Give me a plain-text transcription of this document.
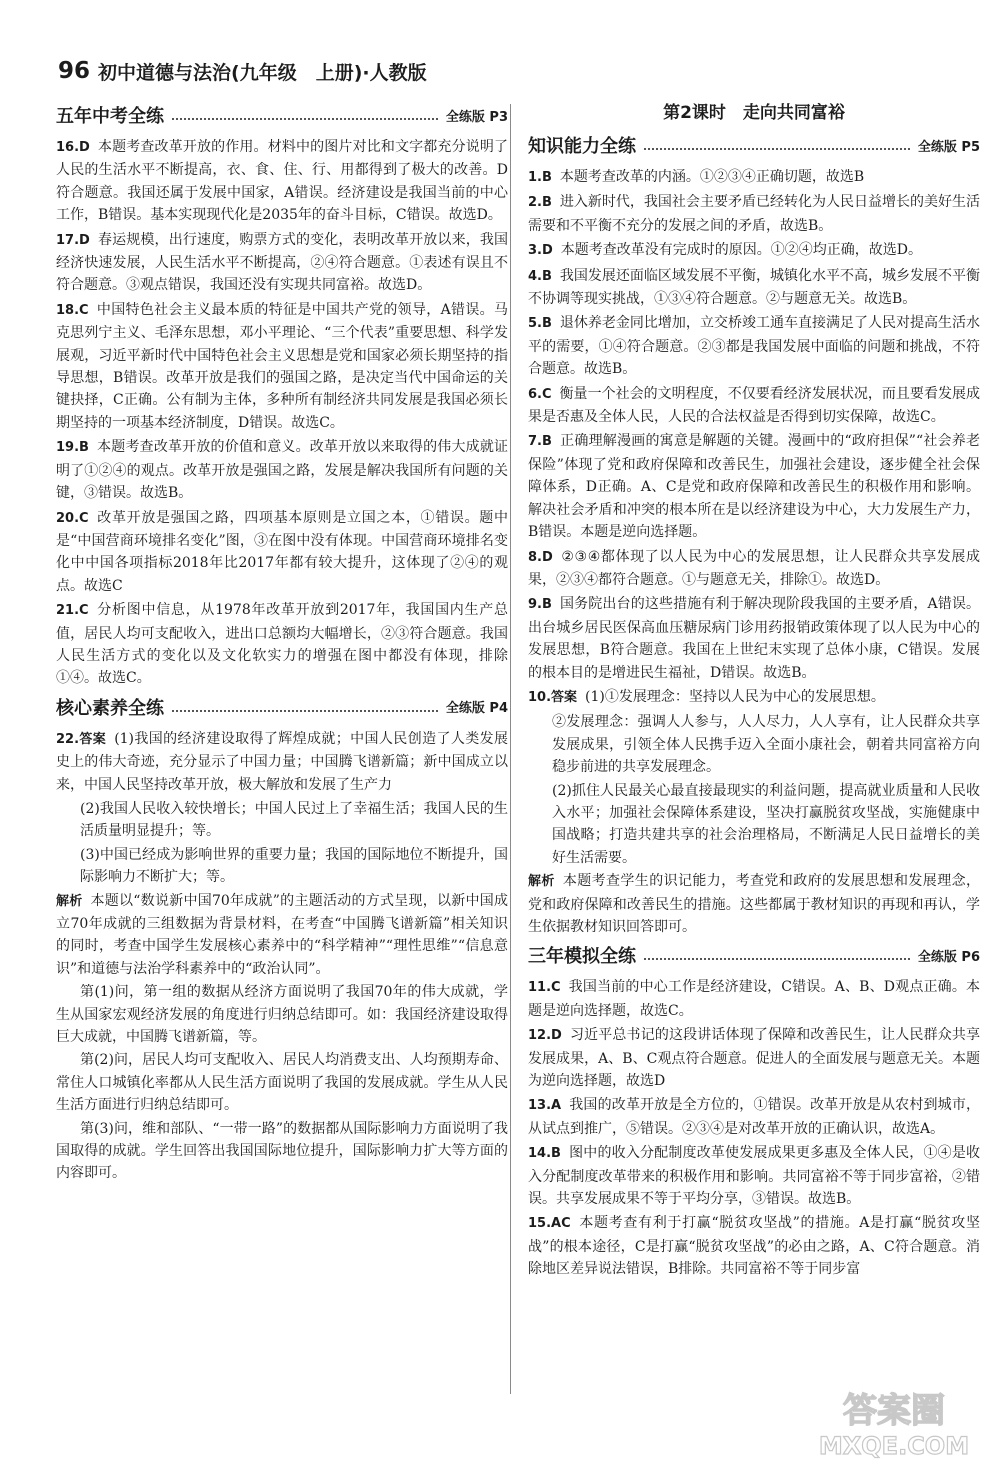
96 初中道德与法治(九年级　上册)·人教版
五年中考全练	全练版 P3
16.D 本题考查改革开放的作用。材料中的图片对比和文字都充分说明了人民的生活水平不断提高，衣、食、住、行、用都得到了极大的改善。D符合题意。我国还属于发展中国家，A错误。经济建设是我国当前的中心工作，B错误。基本实现现代化是2035年的奋斗目标，C错误。故选D。
17.D 春运规模，出行速度，购票方式的变化，表明改革开放以来，我国经济快速发展，人民生活水平不断提高，②④符合题意。①表述有误且不符合题意。③观点错误，我国还没有实现共同富裕。故选D。
18.C 中国特色社会主义最本质的特征是中国共产党的领导，A错误。马克思列宁主义、毛泽东思想，邓小平理论、“三个代表”重要思想、科学发展观，习近平新时代中国特色社会主义思想是党和国家必须长期坚持的指导思想，B错误。改革开放是我们的强国之路，是决定当代中国命运的关键抉择，C正确。公有制为主体，多种所有制经济共同发展是我国必须长期坚持的一项基本经济制度，D错误。故选C。
19.B 本题考查改革开放的价值和意义。改革开放以来取得的伟大成就证明了①②④的观点。改革开放是强国之路，发展是解决我国所有问题的关键，③错误。故选B。
20.C 改革开放是强国之路，四项基本原则是立国之本，①错误。题中是“中国营商环境排名变化”图，③在图中没有体现。中国营商环境排名变化中中国各项指标2018年比2017年都有较大提升，这体现了②④的观点。故选C
21.C 分析图中信息，从1978年改革开放到2017年，我国国内生产总值，居民人均可支配收入，进出口总额均大幅增长，②③符合题意。我国人民生活方式的变化以及文化软实力的增强在图中都没有体现，排除①④。故选C。
核心素养全练	全练版 P4
22.答案 (1)我国的经济建设取得了辉煌成就；中国人民创造了人类发展史上的伟大奇迹，充分显示了中国力量；中国腾飞谱新篇；新中国成立以来，中国人民坚持改革开放，极大解放和发展了生产力
(2)我国人民收入较快增长；中国人民过上了幸福生活；我国人民的生活质量明显提升；等。
(3)中国已经成为影响世界的重要力量；我国的国际地位不断提升，国际影响力不断扩大；等。
解析 本题以“数说新中国70年成就”的主题活动的方式呈现，以新中国成立70年成就的三组数据为背景材料，在考查“中国腾飞谱新篇”相关知识的同时，考查中国学生发展核心素养中的“科学精神”“理性思维”“信息意识”和道德与法治学科素养中的“政治认同”。
第(1)问，第一组的数据从经济方面说明了我国70年的伟大成就，学生从国家宏观经济发展的角度进行归纳总结即可。如：我国经济建设取得巨大成就，中国腾飞谱新篇，等。
第(2)问，居民人均可支配收入、居民人均消费支出、人均预期寿命、常住人口城镇化率都从人民生活方面说明了我国的发展成就。学生从人民生活方面进行归纳总结即可。
第(3)问，维和部队、“一带一路”的数据都从国际影响力方面说明了我国取得的成就。学生回答出我国国际地位提升，国际影响力扩大等方面的内容即可。
第2课时　走向共同富裕
知识能力全练	全练版 P5
1.B 本题考查改革的内涵。①②③④正确切题，故选B
2.B 进入新时代，我国社会主要矛盾已经转化为人民日益增长的美好生活需要和不平衡不充分的发展之间的矛盾，故选B。
3.D 本题考查改革没有完成时的原因。①②④均正确，故选D。
4.B 我国发展还面临区域发展不平衡，城镇化水平不高，城乡发展不平衡不协调等现实挑战，①③④符合题意。②与题意无关。故选B。
5.B 退休养老金同比增加，立交桥竣工通车直接满足了人民对提高生活水平的需要，①④符合题意。②③都是我国发展中面临的问题和挑战，不符合题意。故选B。
6.C 衡量一个社会的文明程度，不仅要看经济发展状况，而且要看发展成果是否惠及全体人民，人民的合法权益是否得到切实保障，故选C。
7.B 正确理解漫画的寓意是解题的关键。漫画中的“政府担保”“社会养老保险”体现了党和政府保障和改善民生，加强社会建设，逐步健全社会保障体系，D正确。A、C是党和政府保障和改善民生的积极作用和影响。解决社会矛盾和冲突的根本所在是以经济建设为中心，大力发展生产力，B错误。本题是逆向选择题。
8.D ②③④都体现了以人民为中心的发展思想，让人民群众共享发展成果，②③④都符合题意。①与题意无关，排除①。故选D。
9.B 国务院出台的这些措施有利于解决现阶段我国的主要矛盾，A错误。出台城乡居民医保高血压糖尿病门诊用药报销政策体现了以人民为中心的发展思想，B符合题意。我国在上世纪末实现了总体小康，C错误。发展的根本目的是增进民生福祉，D错误。故选B。
10.答案 (1)①发展理念：坚持以人民为中心的发展思想。
②发展理念：强调人人参与，人人尽力，人人享有，让人民群众共享发展成果，引领全体人民携手迈入全面小康社会，朝着共同富裕方向稳步前进的共享发展理念。
(2)抓住人民最关心最直接最现实的利益问题，提高就业质量和人民收入水平；加强社会保障体系建设，坚决打赢脱贫攻坚战，实施健康中国战略；打造共建共享的社会治理格局，不断满足人民日益增长的美好生活需要。
解析 本题考查学生的识记能力，考查党和政府的发展思想和发展理念，党和政府保障和改善民生的措施。这些都属于教材知识的再现和再认，学生依据教材知识回答即可。
三年模拟全练	全练版 P6
11.C 我国当前的中心工作是经济建设，C错误。A、B、D观点正确。本题是逆向选择题，故选C。
12.D 习近平总书记的这段讲话体现了保障和改善民生，让人民群众共享发展成果，A、B、C观点符合题意。促进人的全面发展与题意无关。本题为逆向选择题，故选D
13.A 我国的改革开放是全方位的，①错误。改革开放是从农村到城市，从试点到推广，⑤错误。②③④是对改革开放的正确认识，故选A。
14.B 图中的收入分配制度改革使发展成果更多惠及全体人民，①④是收入分配制度改革带来的积极作用和影响。共同富裕不等于同步富裕，②错误。共享发展成果不等于平均分享，③错误。故选B。
15.AC 本题考查有利于打赢“脱贫攻坚战”的措施。A是打赢“脱贫攻坚战”的根本途径，C是打赢“脱贫攻坚战”的必由之路，A、C符合题意。消除地区差异说法错误，B排除。共同富裕不等于同步富
答案圈
MXQE.COM
